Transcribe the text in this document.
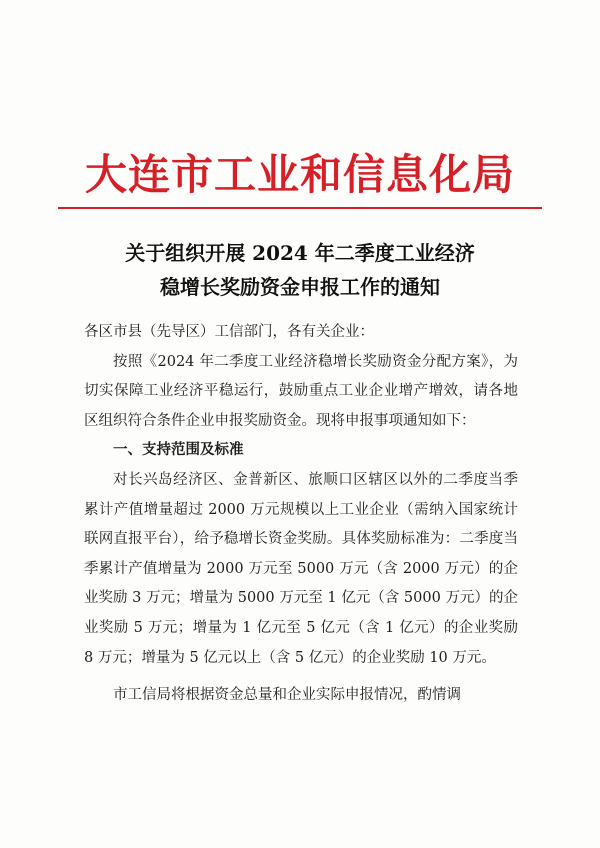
大连市工业和信息化局
关于组织开展 2024 年二季度工业经济
稳增长奖励资金申报工作的通知

各区市县（先导区）工信部门，各有关企业：

按照《2024 年二季度工业经济稳增长奖励资金分配方案》，为切实保障工业经济平稳运行，鼓励重点工业企业增产增效，请各地区组织符合条件企业申报奖励资金。现将申报事项通知如下：

一、支持范围及标准

对长兴岛经济区、金普新区、旅顺口区辖区以外的二季度当季累计产值增量超过 2000 万元规模以上工业企业（需纳入国家统计联网直报平台），给予稳增长资金奖励。具体奖励标准为：二季度当季累计产值增量为 2000 万元至 5000 万元（含 2000 万元）的企业奖励 3 万元；增量为 5000 万元至 1 亿元（含 5000 万元）的企业奖励 5 万元；增量为 1 亿元至 5 亿元（含 1 亿元）的企业奖励 8 万元；增量为 5 亿元以上（含 5 亿元）的企业奖励 10 万元。

市工信局将根据资金总量和企业实际申报情况，酌情调
